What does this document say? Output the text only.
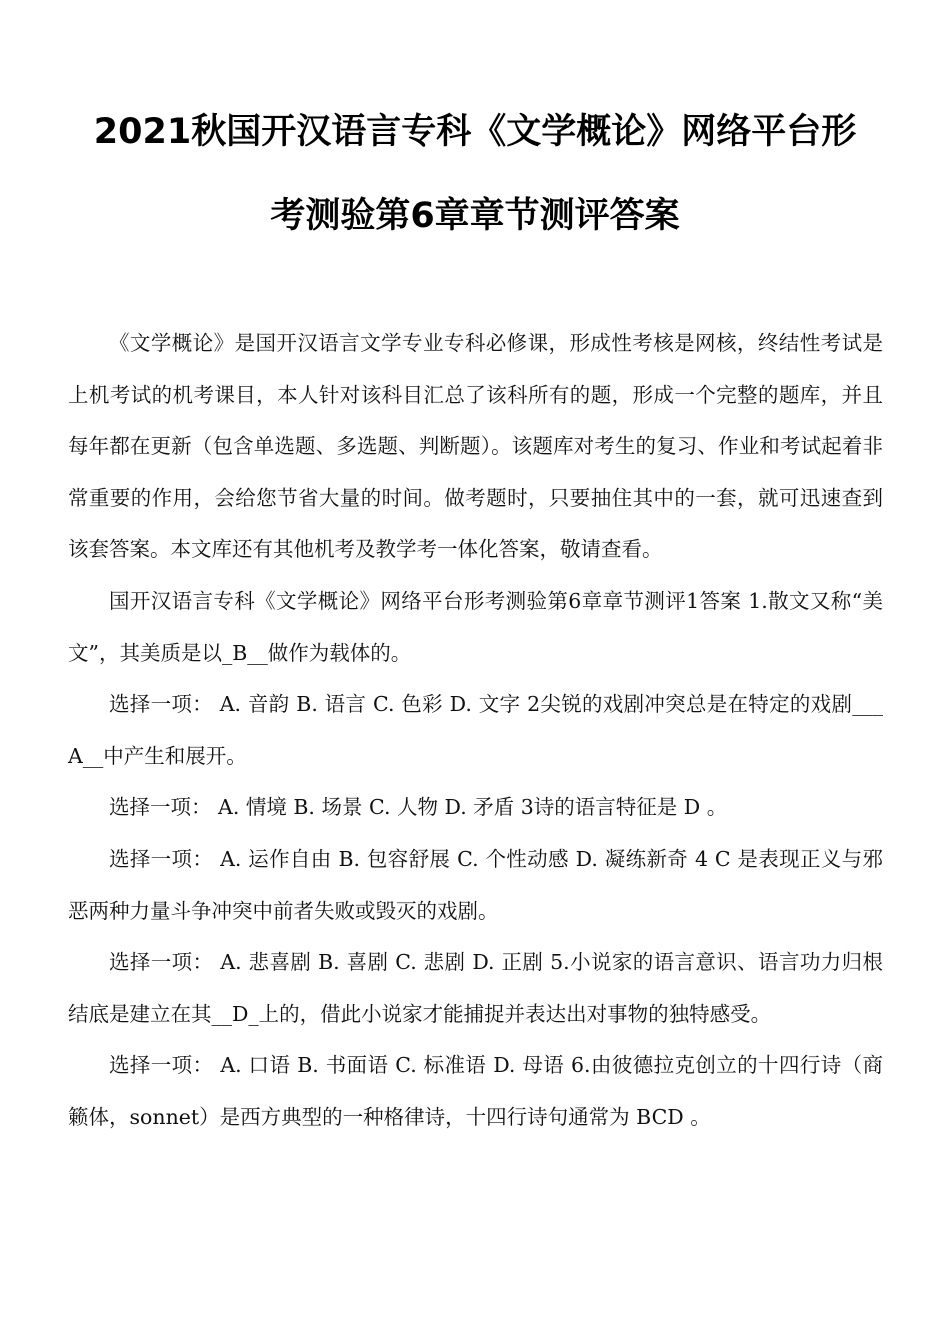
2021秋国开汉语言专科《文学概论》网络平台形
考测验第6章章节测评答案

《文学概论》是国开汉语言文学专业专科必修课，形成性考核是网核，终结性考试是上机考试的机考课目，本人针对该科目汇总了该科所有的题，形成一个完整的题库，并且每年都在更新（包含单选题、多选题、判断题）。该题库对考生的复习、作业和考试起着非常重要的作用，会给您节省大量的时间。做考题时，只要抽住其中的一套，就可迅速查到该套答案。本文库还有其他机考及教学考一体化答案，敬请查看。

国开汉语言专科《文学概论》网络平台形考测验第6章章节测评1答案 1.散文又称“美文”，其美质是以_B__做作为载体的。

选择一项： A. 音韵 B. 语言 C. 色彩 D. 文字 2尖锐的戏剧冲突总是在特定的戏剧___A__中产生和展开。

选择一项： A. 情境 B. 场景 C. 人物 D. 矛盾 3诗的语言特征是 D 。

选择一项： A. 运作自由 B. 包容舒展 C. 个性动感 D. 凝练新奇 4 C 是表现正义与邪恶两种力量斗争冲突中前者失败或毁灭的戏剧。

选择一项： A. 悲喜剧 B. 喜剧 C. 悲剧 D. 正剧 5.小说家的语言意识、语言功力归根结底是建立在其__D_上的，借此小说家才能捕捉并表达出对事物的独特感受。

选择一项： A. 口语 B. 书面语 C. 标准语 D. 母语 6.由彼德拉克创立的十四行诗（商籁体，sonnet）是西方典型的一种格律诗，十四行诗句通常为 BCD 。
